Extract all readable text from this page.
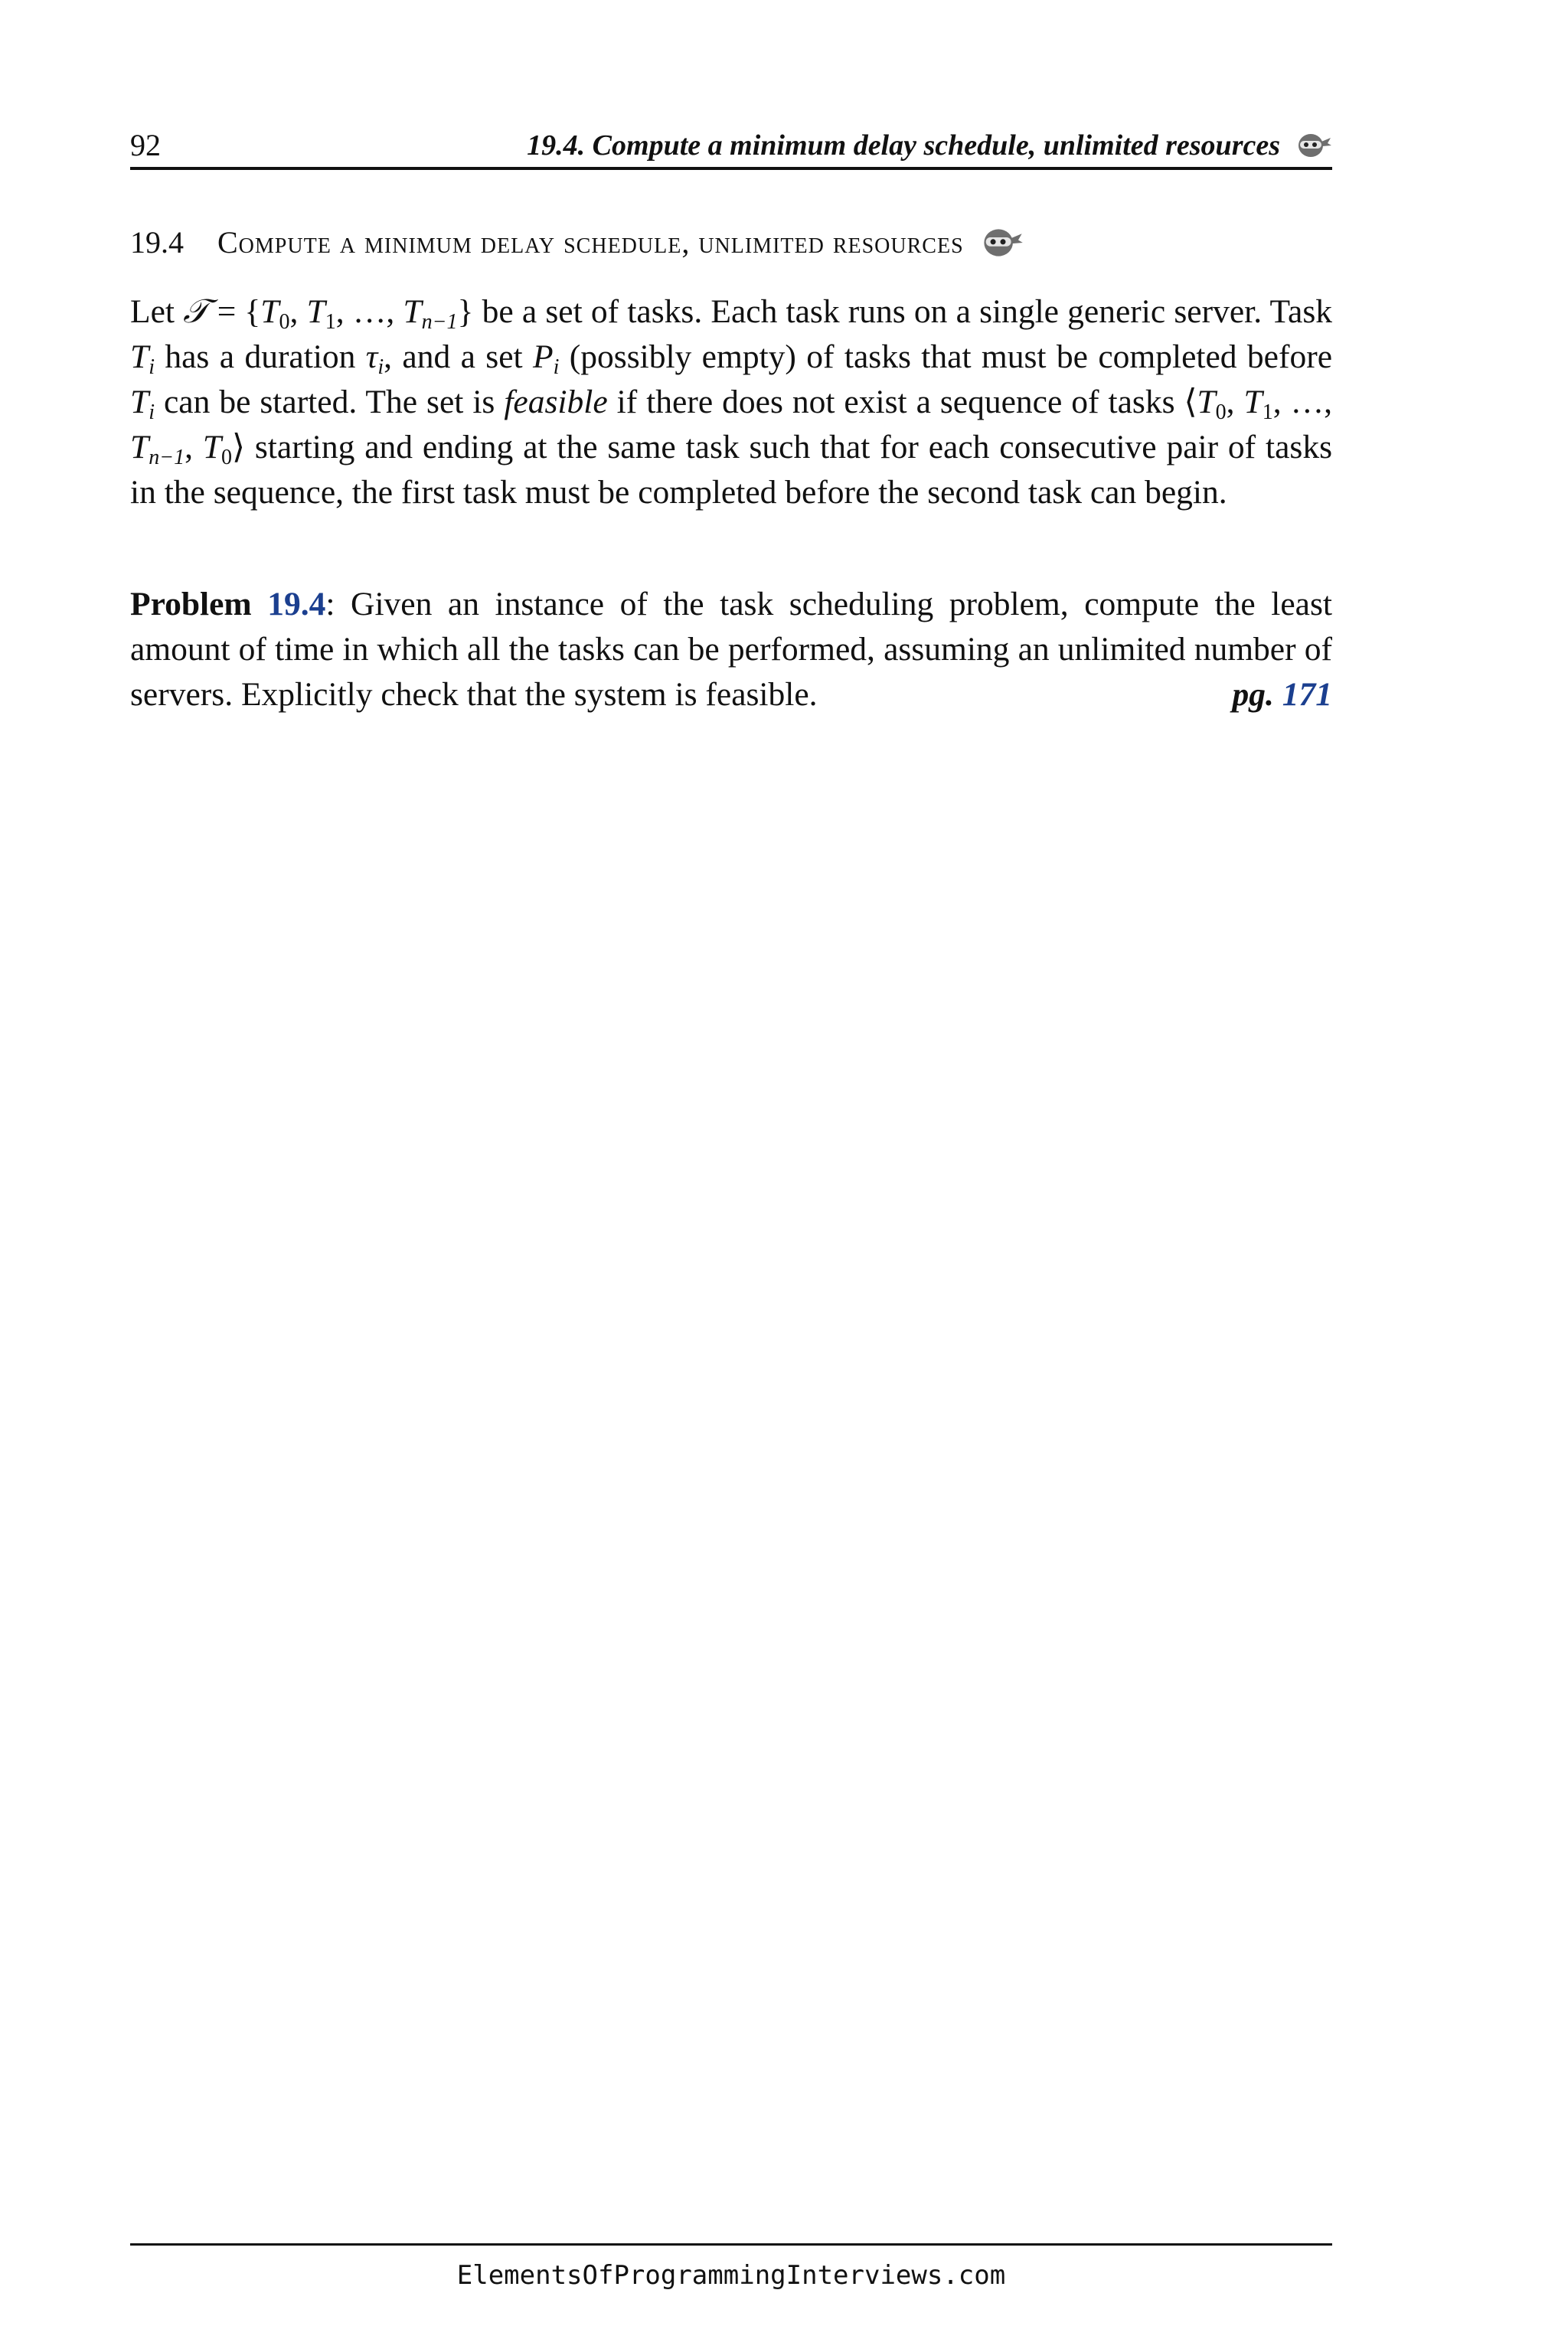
92	19.4. Compute a minimum delay schedule, unlimited resources
19.4 Compute a minimum delay schedule, unlimited resources
Let 𝒯 = {$T_0$, $T_1$, …, $T_{n-1}$} be a set of tasks. Each task runs on a single generic server. Task $T_i$ has a duration $\tau_i$, and a set $P_i$ (possibly empty) of tasks that must be completed before $T_i$ can be started. The set is feasible if there does not exist a sequence of tasks $⟨T_0$, $T_1$, …, $T_{n-1}$, $T_0⟩$ starting and ending at the same task such that for each consecutive pair of tasks in the sequence, the first task must be completed before the second task can begin.
Problem 19.4: Given an instance of the task scheduling problem, compute the least amount of time in which all the tasks can be performed, assuming an unlimited number of servers. Explicitly check that the system is feasible.	pg. 171
ElementsOfProgrammingInterviews.com
